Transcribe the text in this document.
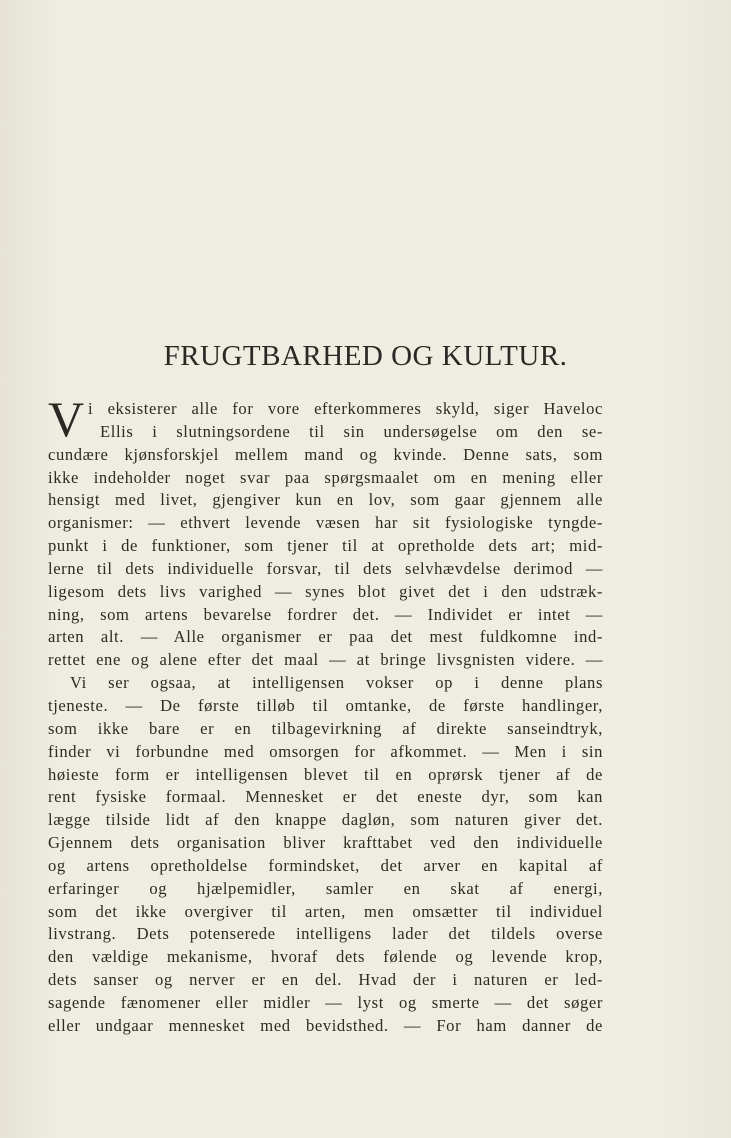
FRUGTBARHED OG KULTUR.
V i eksisterer alle for vore efterkommeres skyld, siger Haveloc
Ellis i slutningsordene til sin undersøgelse om den se-
cundære kjønsforskjel mellem mand og kvinde. Denne sats, som
ikke indeholder noget svar paa spørgsmaalet om en mening eller
hensigt med livet, gjengiver kun en lov, som gaar gjennem alle
organismer: — ethvert levende væsen har sit fysiologiske tyngde-
punkt i de funktioner, som tjener til at opretholde dets art; mid-
lerne til dets individuelle forsvar, til dets selvhævdelse derimod —
ligesom dets livs varighed — synes blot givet det i den udstræk-
ning, som artens bevarelse fordrer det. — Individet er intet —
arten alt. — Alle organismer er paa det mest fuldkomne ind-
rettet ene og alene efter det maal — at bringe livsgnisten videre. —
Vi ser ogsaa, at intelligensen vokser op i denne plans
tjeneste. — De første tilløb til omtanke, de første handlinger,
som ikke bare er en tilbagevirkning af direkte sanseindtryk,
finder vi forbundne med omsorgen for afkommet. — Men i sin
høieste form er intelligensen blevet til en oprørsk tjener af de
rent fysiske formaal. Mennesket er det eneste dyr, som kan
lægge tilside lidt af den knappe dagløn, som naturen giver det.
Gjennem dets organisation bliver krafttabet ved den individuelle
og artens opretholdelse formindsket, det arver en kapital af
erfaringer og hjælpemidler, samler en skat af energi,
som det ikke overgiver til arten, men omsætter til individuel
livstrang. Dets potenserede intelligens lader det tildels overse
den vældige mekanisme, hvoraf dets følende og levende krop,
dets sanser og nerver er en del. Hvad der i naturen er led-
sagende fænomener eller midler — lyst og smerte — det søger
eller undgaar mennesket med bevidsthed. — For ham danner de
